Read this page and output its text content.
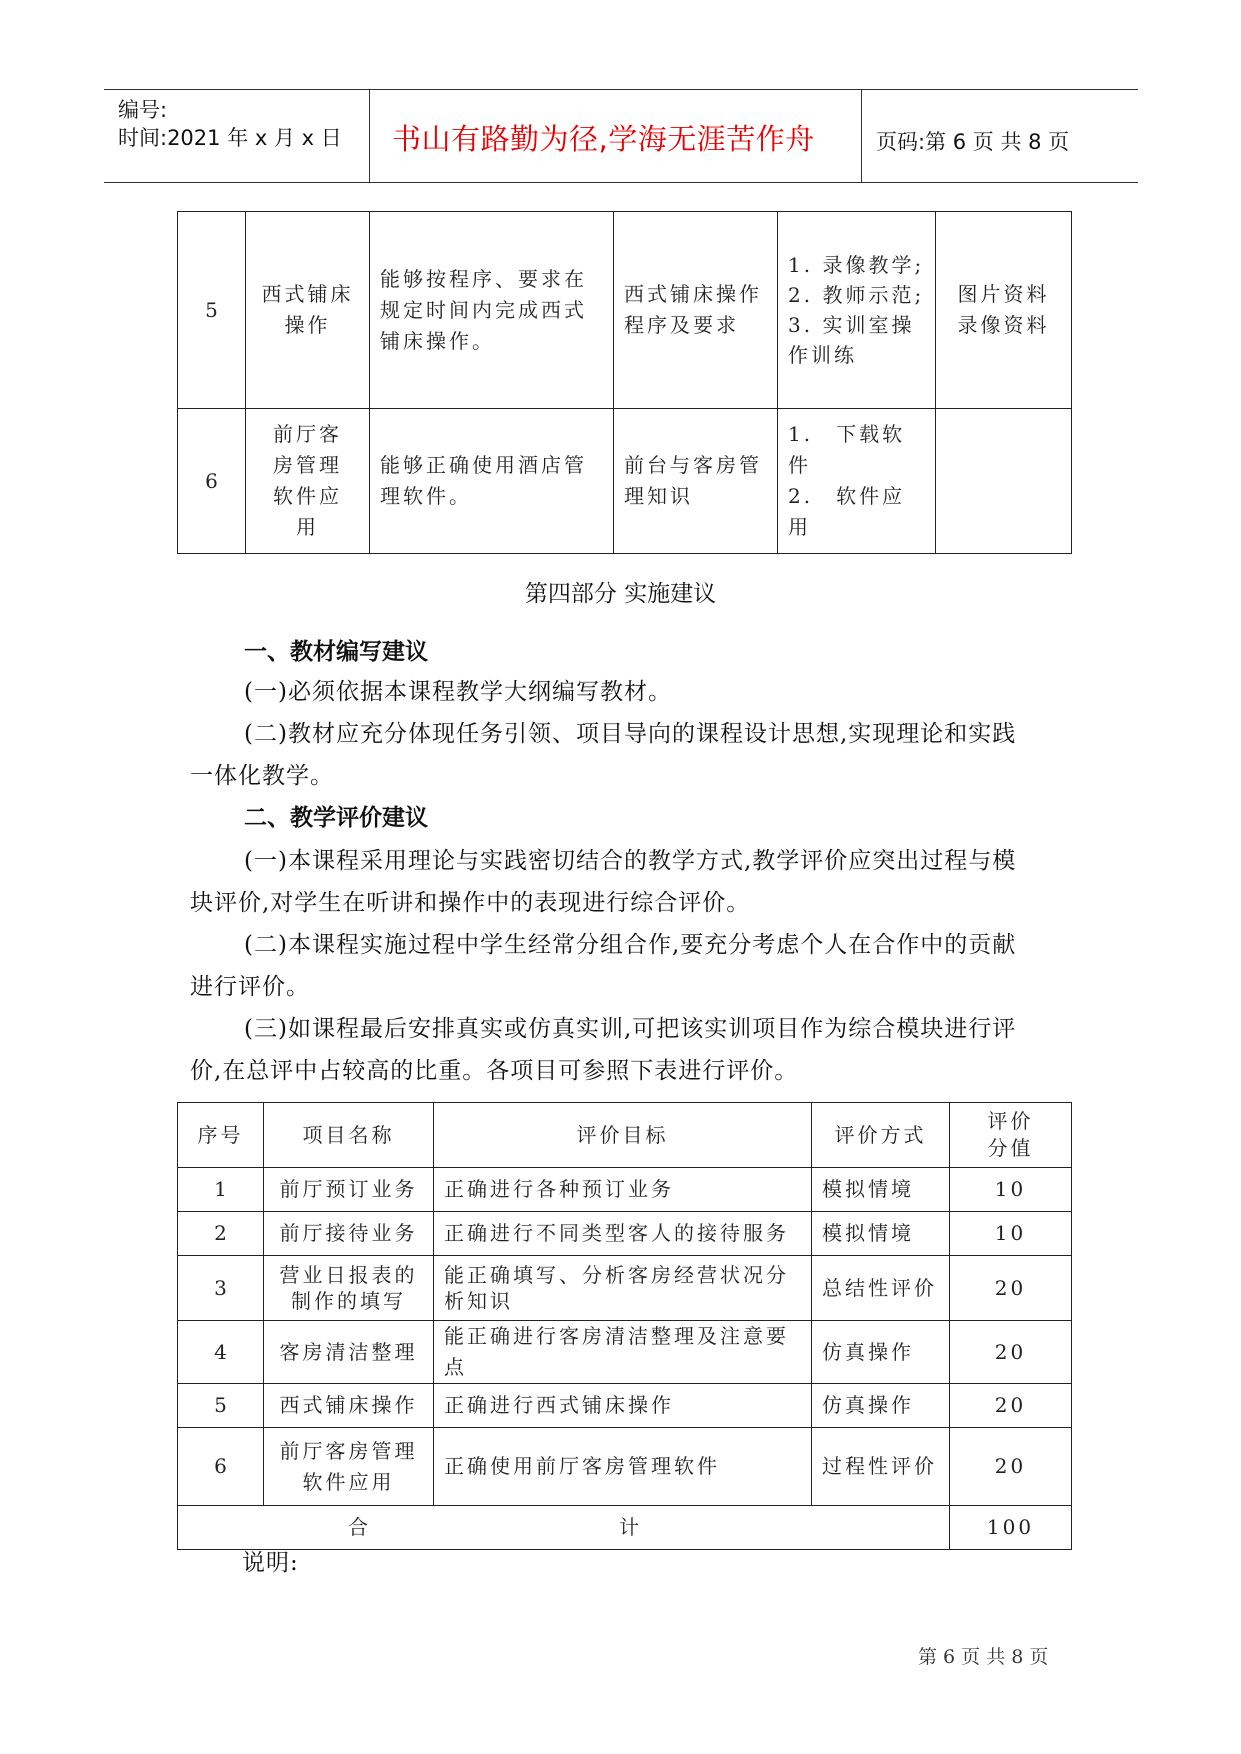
编号:
时间:2021 年 x 月 x 日 书山有路勤为径,学海无涯苦作舟	页码:第 6 页 共 8 页
5	西式铺床操作	能够按程序、要求在规定时间内完成西式铺床操作。	西式铺床操作程序及要求	1. 录像教学;
2. 教师示范;
3. 实训室操作训练	图片资料
录像资料
6	前厅客房管理软件应用	能够正确使用酒店管理软件。	前台与客房管理知识	1.　下载软件
2.　软件应用	
第四部分 实施建议
一、教材编写建议
(一)必须依据本课程教学大纲编写教材。
(二)教材应充分体现任务引领、项目导向的课程设计思想,实现理论和实践
一体化教学。
二、教学评价建议
(一)本课程采用理论与实践密切结合的教学方式,教学评价应突出过程与模
块评价,对学生在听讲和操作中的表现进行综合评价。
(二)本课程实施过程中学生经常分组合作,要充分考虑个人在合作中的贡献
进行评价。
(三)如课程最后安排真实或仿真实训,可把该实训项目作为综合模块进行评
价,在总评中占较高的比重。各项目可参照下表进行评价。
序号	项目名称	评价目标	评价方式	评价
分值
1	前厅预订业务	正确进行各种预订业务	模拟情境	10
2	前厅接待业务	正确进行不同类型客人的接待服务	模拟情境	10
3	营业日报表的制作的填写	能正确填写、分析客房经营状况分析知识	总结性评价	20
4	客房清洁整理	能正确进行客房清洁整理及注意要点	仿真操作	20
5	西式铺床操作	正确进行西式铺床操作	仿真操作	20
6	前厅客房管理软件应用	正确使用前厅客房管理软件	过程性评价	20

合 计				100
说明:
第 6 页 共 8 页
